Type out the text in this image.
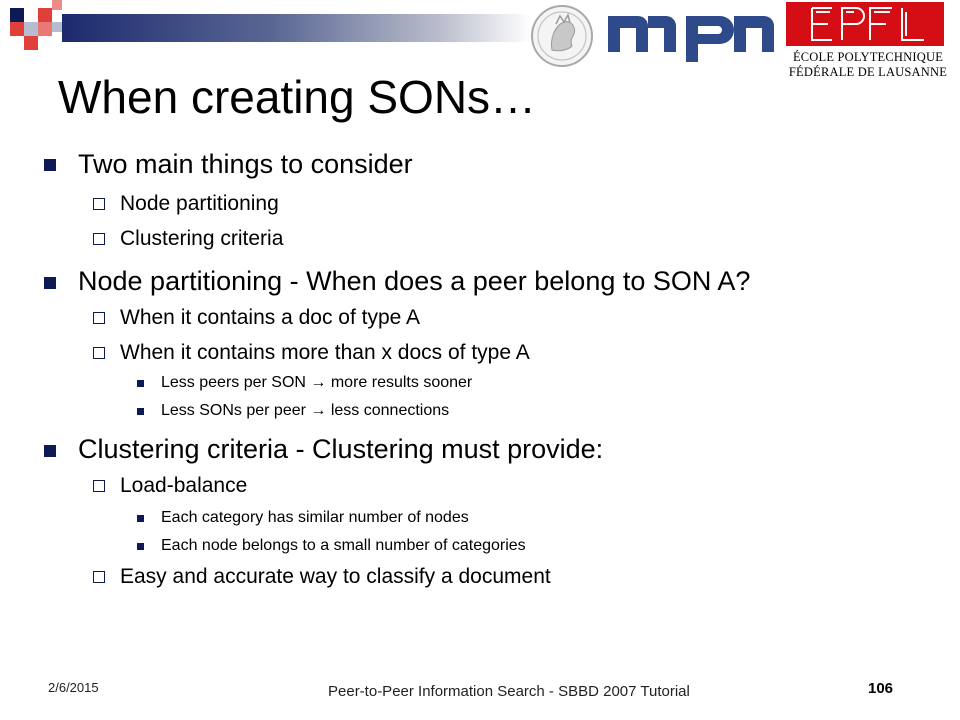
ÉCOLE POLYTECHNIQUE
FÉDÉRALE DE LAUSANNE
When creating SONs…
Two main things to consider
Node partitioning
Clustering criteria
Node partitioning - When does a peer belong to SON A?
When it contains a doc of type A
When it contains more than x docs of type A
Less peers per SON → more results sooner
Less SONs per peer → less connections
Clustering criteria - Clustering must provide:
Load-balance
Each category has similar number of nodes
Each node belongs to a small number of categories
Easy and accurate way to classify a document
2/6/2015	Peer-to-Peer Information Search - SBBD 2007 Tutorial	106
